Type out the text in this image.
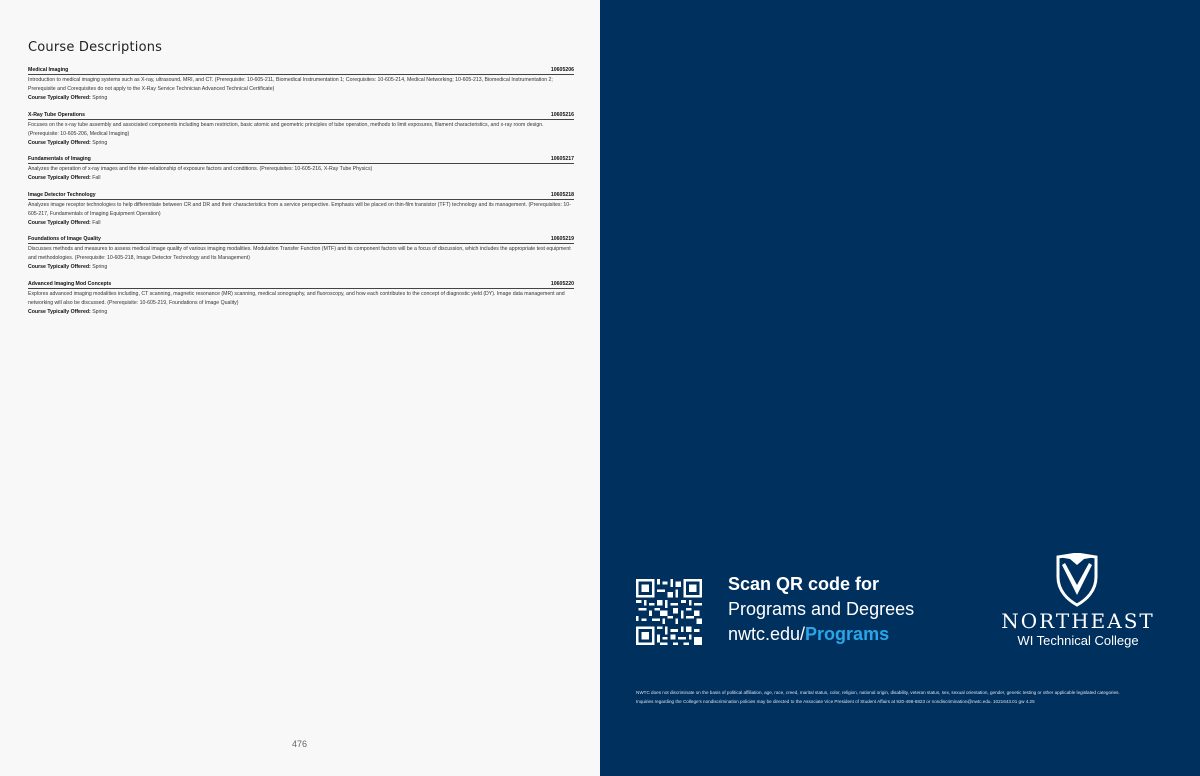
Course Descriptions
Medical Imaging	10605206
Introduction to medical imaging systems such as X-ray, ultrasound, MRI, and CT. (Prerequisite: 10-605-211, Biomedical Instrumentation 1; Corequisites: 10-605-214, Medical Networking; 10-605-213, Biomedical Instrumentation 2; Prerequisite and Corequisites do not apply to the X-Ray Service Technician Advanced Technical Certificate)
Course Typically Offered: Spring
X-Ray Tube Operations	10605216
Focuses on the x-ray tube assembly and associated components including beam restriction, basic atomic and geometric principles of tube operation, methods to limit exposures, filament characteristics, and x-ray room design. (Prerequisite: 10-605-206, Medical Imaging)
Course Typically Offered: Spring
Fundamentals of Imaging	10605217
Analyzes the operation of x-ray images and the inter-relationship of exposure factors and conditions. (Prerequisites: 10-605-216, X-Ray Tube Physics)
Course Typically Offered: Fall
Image Detector Technology	10605218
Analyzes image receptor technologies to help differentiate between CR and DR and their characteristics from a service perspective. Emphasis will be placed on thin-film transistor (TFT) technology and its management. (Prerequisites: 10-605-217, Fundamentals of Imaging Equipment Operation)
Course Typically Offered: Fall
Foundations of Image Quality	10605219
Discusses methods and measures to assess medical image quality of various imaging modalities. Modulation Transfer Function (MTF) and its component factors will be a focus of discussion, which includes the appropriate test equipment and methodologies. (Prerequisite: 10-605-218, Image Detector Technology and Its Management)
Course Typically Offered: Spring
Advanced Imaging Mod Concepts	10605220
Explores advanced imaging modalities including, CT scanning, magnetic resonance (MR) scanning, medical sonography, and fluoroscopy, and how each contributes to the concept of diagnostic yield (DY). Image data management and networking will also be discussed. (Prerequisite: 10-605-219, Foundations of Image Quality)
Course Typically Offered: Spring
476
Scan QR code for
Programs and Degrees
nwtc.edu/Programs
NORTHEAST
WI Technical College
NWTC does not discriminate on the basis of political affiliation, age, race, creed, marital status, color, religion, national origin, disability, veteran status, sex, sexual orientation, gender, genetic testing or other applicable legislated categories.
Inquiries regarding the College's nondiscrimination policies may be directed to the Associate Vice President of Student Affairs at 920-498-6823 or nondiscrimination@nwtc.edu. 1021643.01 gw 4.25
